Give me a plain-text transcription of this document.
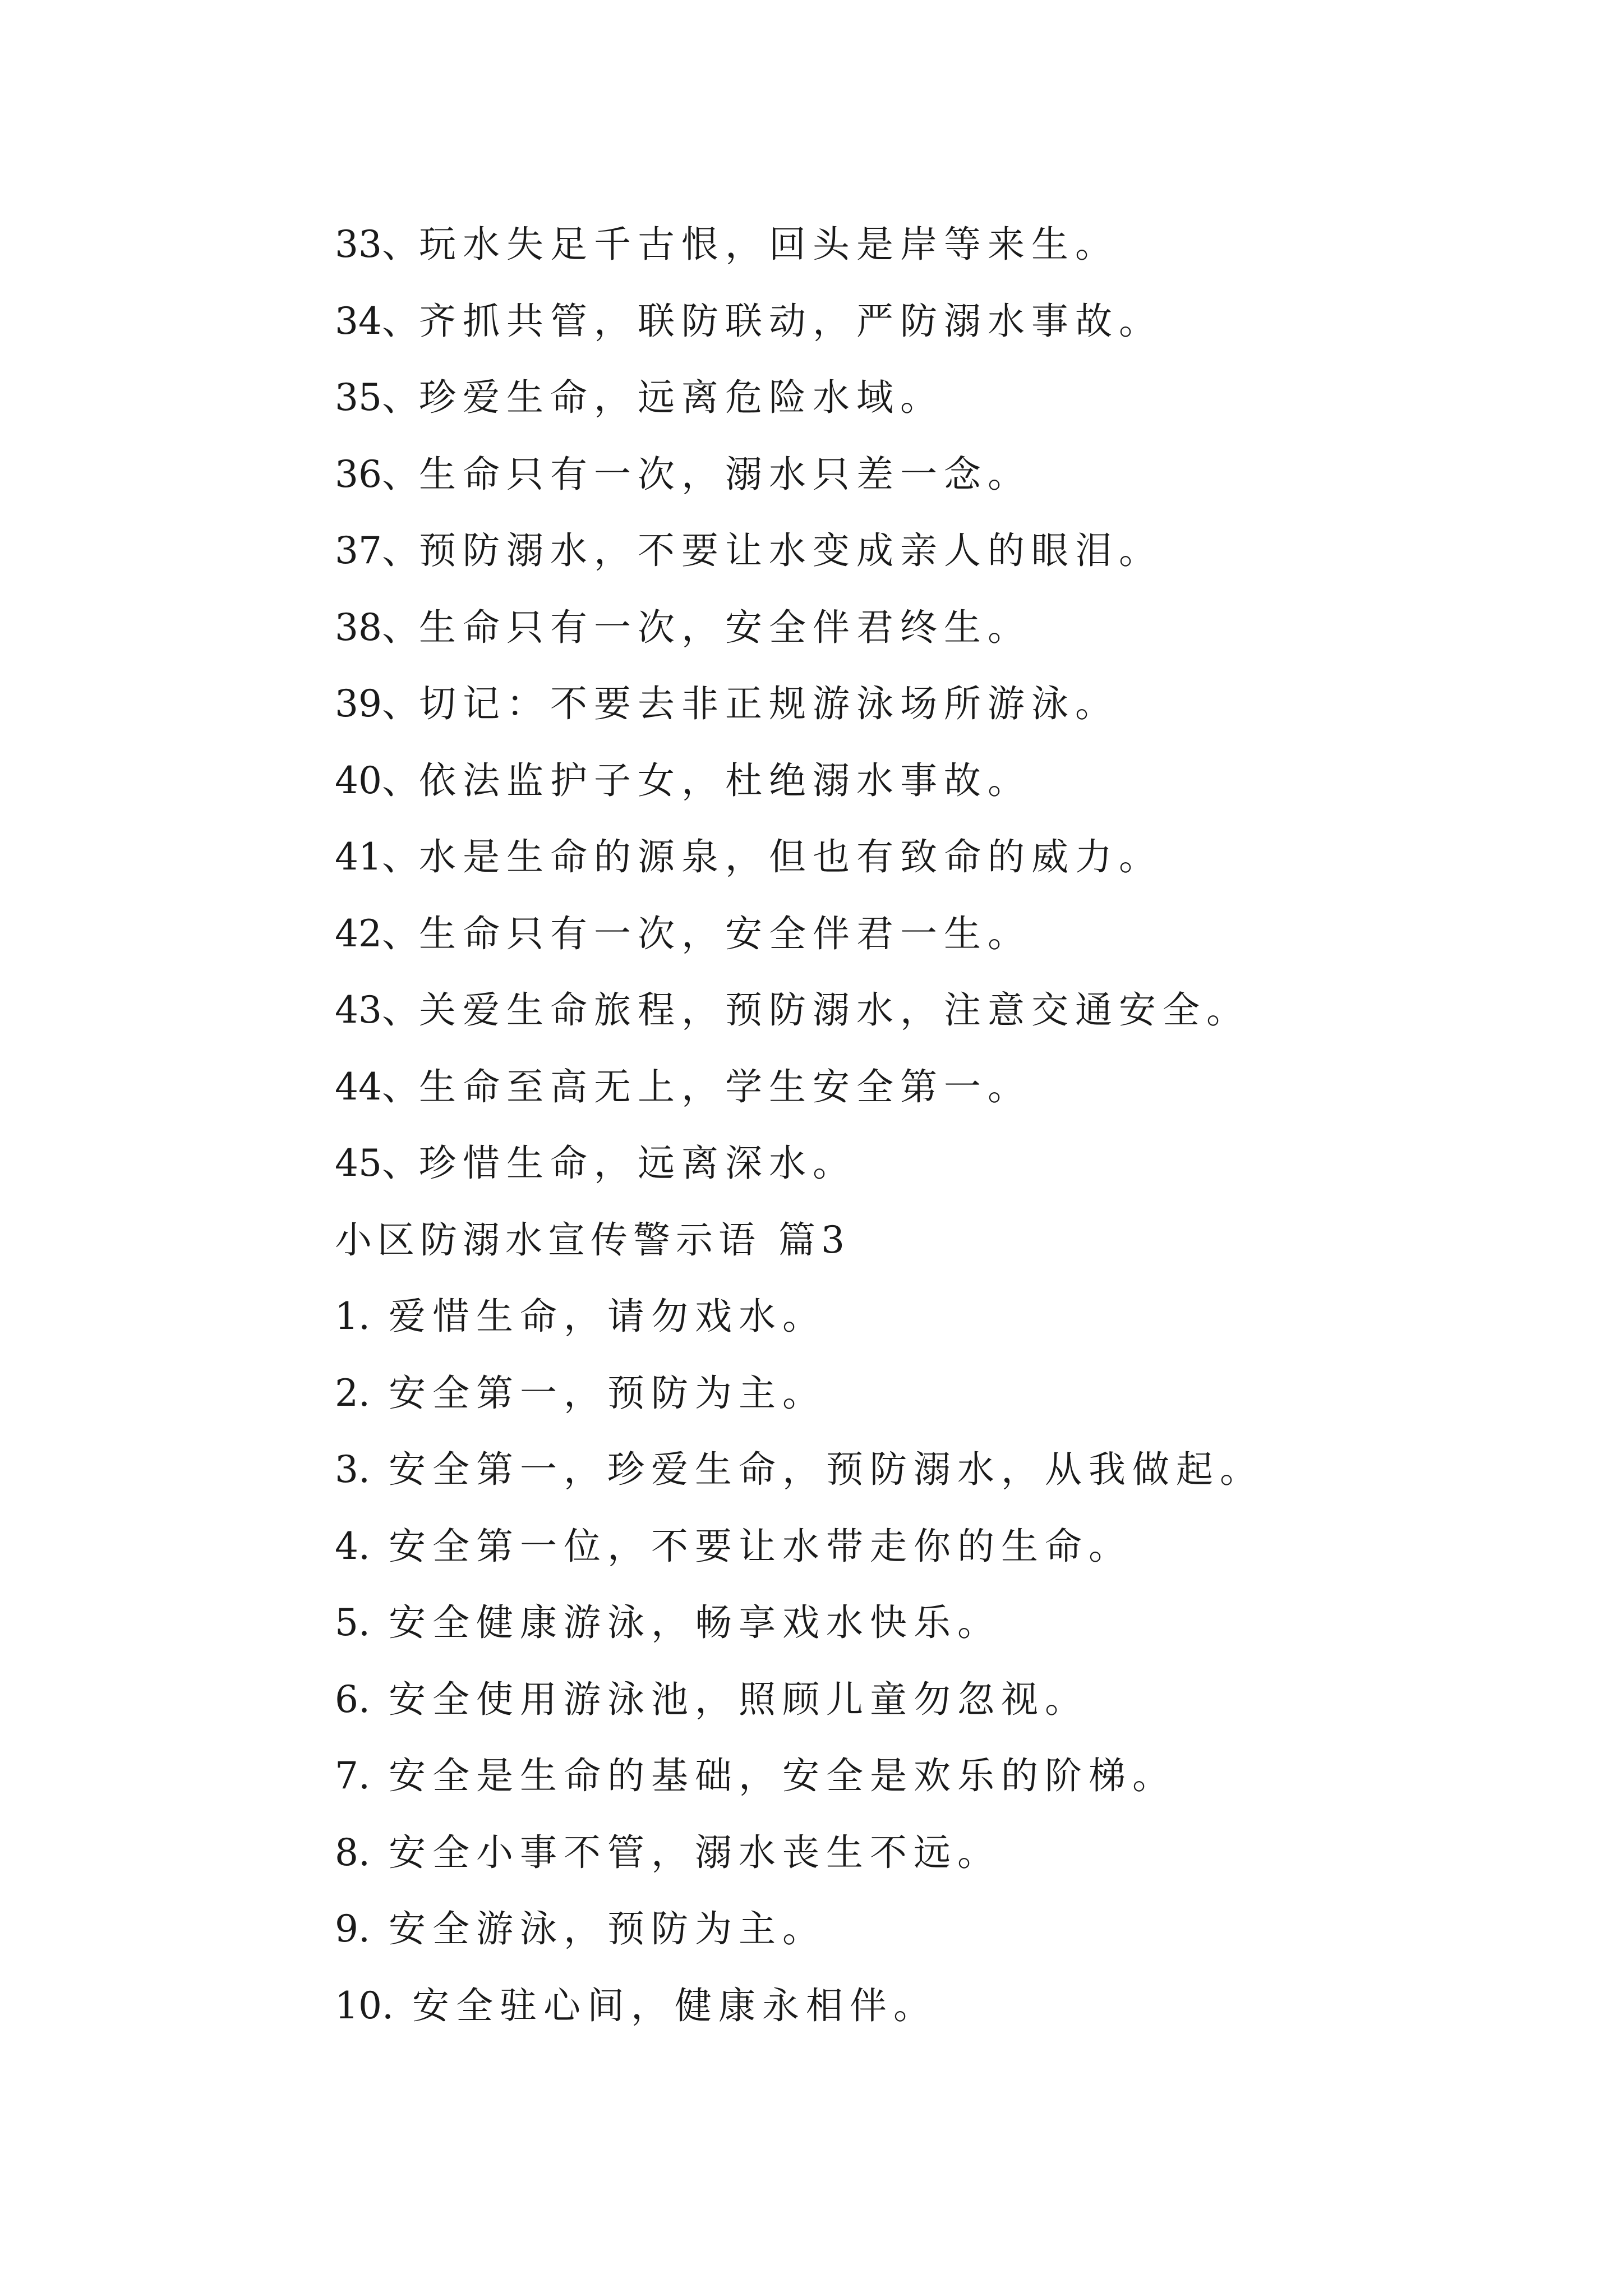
33、玩水失足千古恨，回头是岸等来生。
34、齐抓共管，联防联动，严防溺水事故。
35、珍爱生命，远离危险水域。
36、生命只有一次，溺水只差一念。
37、预防溺水，不要让水变成亲人的眼泪。
38、生命只有一次，安全伴君终生。
39、切记：不要去非正规游泳场所游泳。
40、依法监护子女，杜绝溺水事故。
41、水是生命的源泉，但也有致命的威力。
42、生命只有一次，安全伴君一生。
43、关爱生命旅程，预防溺水，注意交通安全。
44、生命至高无上，学生安全第一。
45、珍惜生命，远离深水。
小区防溺水宣传警示语 篇3
1. 爱惜生命，请勿戏水。
2. 安全第一，预防为主。
3. 安全第一，珍爱生命，预防溺水，从我做起。
4. 安全第一位，不要让水带走你的生命。
5. 安全健康游泳，畅享戏水快乐。
6. 安全使用游泳池，照顾儿童勿忽视。
7. 安全是生命的基础，安全是欢乐的阶梯。
8. 安全小事不管，溺水丧生不远。
9. 安全游泳，预防为主。
10. 安全驻心间，健康永相伴。
